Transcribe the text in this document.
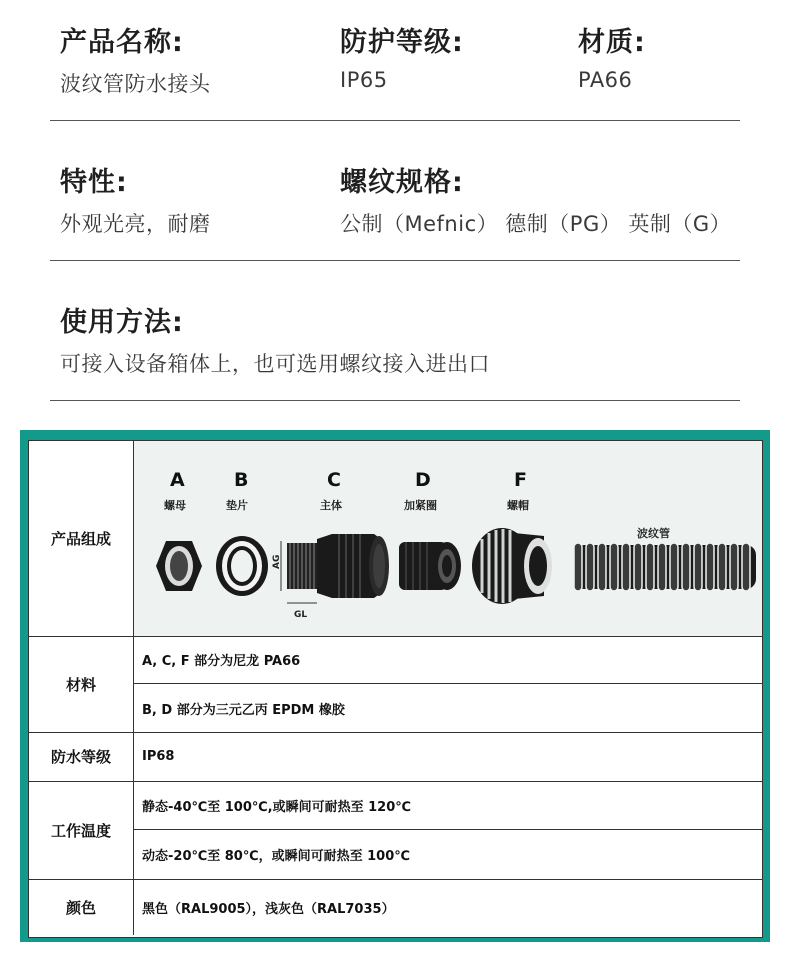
产品名称:
波纹管防水接头
防护等级:
IP65
材质:
PA66
特性:
外观光亮，耐磨
螺纹规格:
公制（Mefnic） 德制（PG） 英制（G）
使用方法:
可接入设备箱体上，也可选用螺纹接入进出口
产品组成
A
螺母
B
垫片
C
主体
D
加紧圈
F
螺帽
波纹管
GL
AG
材料
A, C, F 部分为尼龙 PA66
B, D 部分为三元乙丙 EPDM 橡胶
防水等级	IP68
工作温度
静态-40℃至 100℃,或瞬间可耐热至 120℃
动态-20℃至 80℃，或瞬间可耐热至 100℃
颜色	黑色（RAL9005），浅灰色（RAL7035）
